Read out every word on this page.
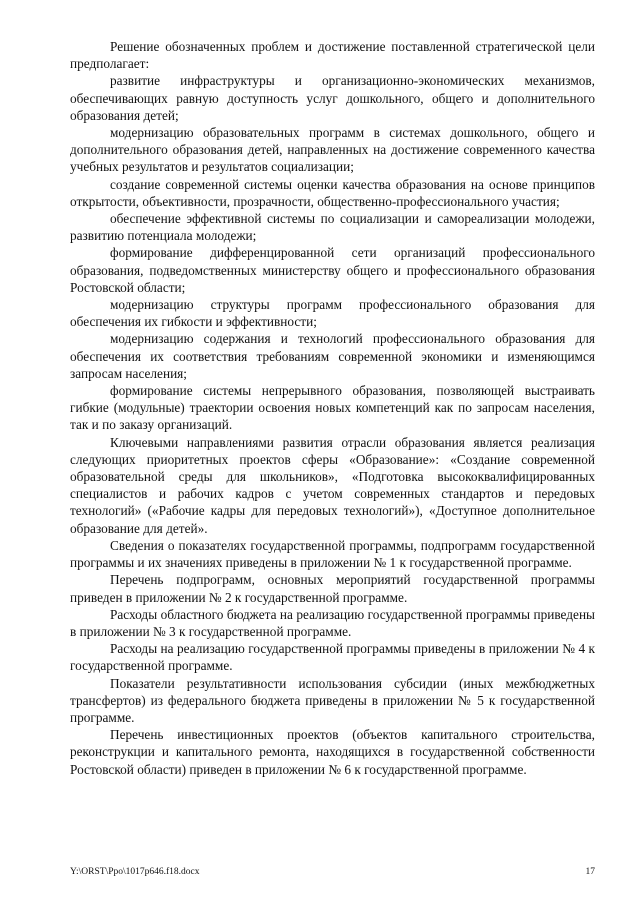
Решение обозначенных проблем и достижение поставленной стратегической цели предполагает:

развитие инфраструктуры и организационно-экономических механизмов, обеспечивающих равную доступность услуг дошкольного, общего и дополнительного образования детей;

модернизацию образовательных программ в системах дошкольного, общего и дополнительного образования детей, направленных на достижение современного качества учебных результатов и результатов социализации;

создание современной системы оценки качества образования на основе принципов открытости, объективности, прозрачности, общественно-профессионального участия;

обеспечение эффективной системы по социализации и самореализации молодежи, развитию потенциала молодежи;

формирование дифференцированной сети организаций профессионального образования, подведомственных министерству общего и профессионального образования Ростовской области;

модернизацию структуры программ профессионального образования для обеспечения их гибкости и эффективности;

модернизацию содержания и технологий профессионального образования для обеспечения их соответствия требованиям современной экономики и изменяющимся запросам населения;

формирование системы непрерывного образования, позволяющей выстраивать гибкие (модульные) траектории освоения новых компетенций как по запросам населения, так и по заказу организаций.

Ключевыми направлениями развития отрасли образования является реализация следующих приоритетных проектов сферы «Образование»: «Создание современной образовательной среды для школьников», «Подготовка высококвалифицированных специалистов и рабочих кадров с учетом современных стандартов и передовых технологий» («Рабочие кадры для передовых технологий»), «Доступное дополнительное образование для детей».

Сведения о показателях государственной программы, подпрограмм государственной программы и их значениях приведены в приложении № 1 к государственной программе.

Перечень подпрограмм, основных мероприятий государственной программы приведен в приложении № 2 к государственной программе.

Расходы областного бюджета на реализацию государственной программы приведены в приложении № 3 к государственной программе.

Расходы на реализацию государственной программы приведены в приложении № 4 к государственной программе.

Показатели результативности использования субсидии (иных межбюджетных трансфертов) из федерального бюджета приведены в приложении № 5 к государственной программе.

Перечень инвестиционных проектов (объектов капитального строительства, реконструкции и капитального ремонта, находящихся в государственной собственности Ростовской области) приведен в приложении № 6 к государственной программе.

Y:\ORST\Ppo\1017p646.f18.docx	17
